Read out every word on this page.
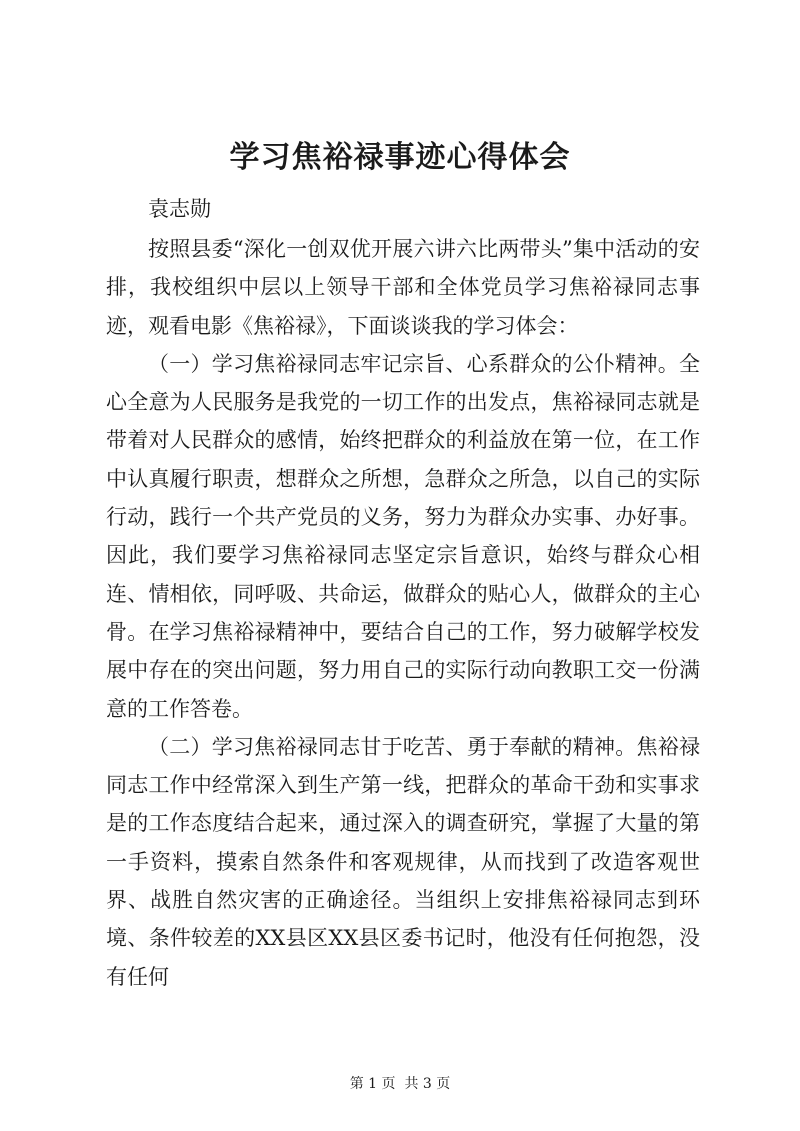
学习焦裕禄事迹心得体会
袁志勋

按照县委“深化一创双优开展六讲六比两带头”集中活动的安排，我校组织中层以上领导干部和全体党员学习焦裕禄同志事迹，观看电影《焦裕禄》，下面谈谈我的学习体会：

（一）学习焦裕禄同志牢记宗旨、心系群众的公仆精神。全心全意为人民服务是我党的一切工作的出发点，焦裕禄同志就是带着对人民群众的感情，始终把群众的利益放在第一位，在工作中认真履行职责，想群众之所想，急群众之所急，以自己的实际行动，践行一个共产党员的义务，努力为群众办实事、办好事。因此，我们要学习焦裕禄同志坚定宗旨意识，始终与群众心相连、情相依，同呼吸、共命运，做群众的贴心人，做群众的主心骨。在学习焦裕禄精神中，要结合自己的工作，努力破解学校发展中存在的突出问题，努力用自己的实际行动向教职工交一份满意的工作答卷。

（二）学习焦裕禄同志甘于吃苦、勇于奉献的精神。焦裕禄同志工作中经常深入到生产第一线，把群众的革命干劲和实事求是的工作态度结合起来，通过深入的调查研究，掌握了大量的第一手资料，摸索自然条件和客观规律，从而找到了改造客观世界、战胜自然灾害的正确途径。当组织上安排焦裕禄同志到环境、条件较差的XX县区XX县区委书记时，他没有任何抱怨，没有任何

第 1 页  共 3 页
